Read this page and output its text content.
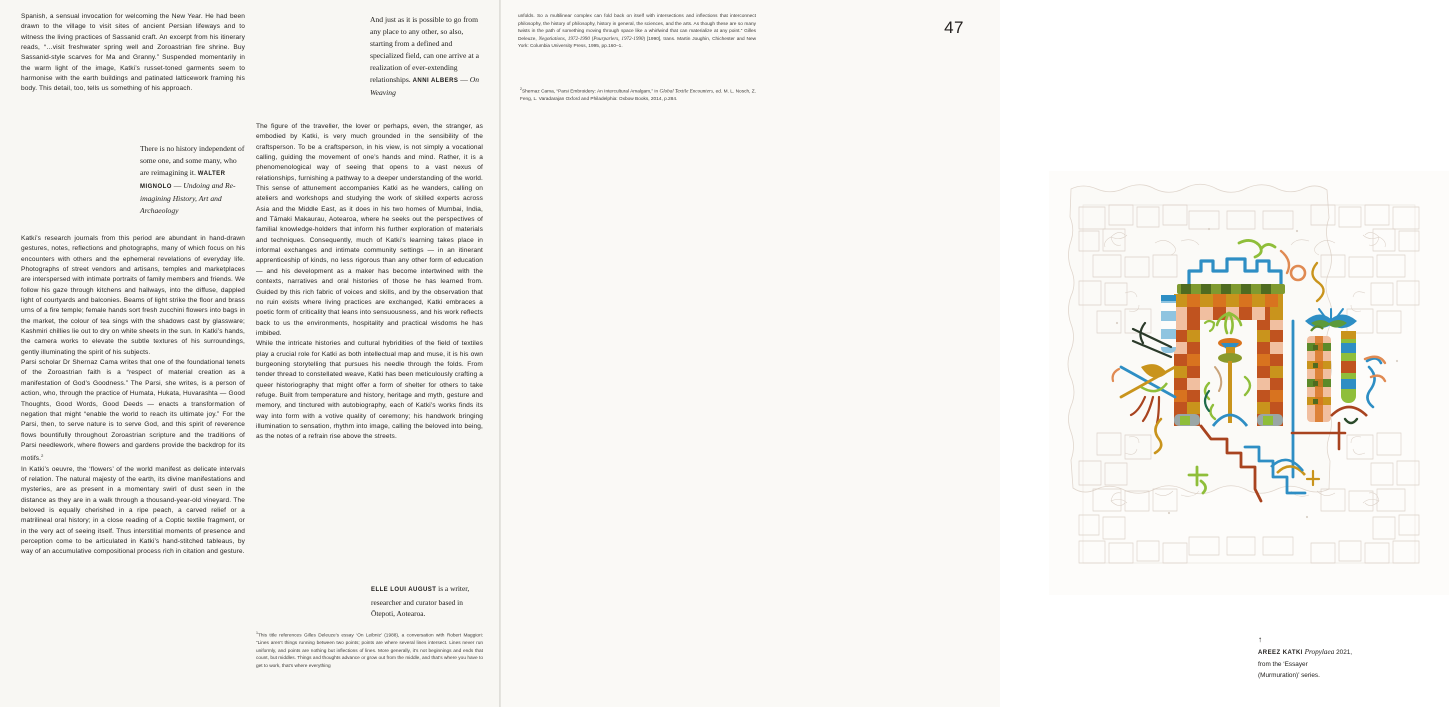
Spanish, a sensual invocation for welcoming the New Year. He had been drawn to the village to visit sites of ancient Persian lifeways and to witness the living practices of Sassanid craft. An excerpt from his itinerary reads, “…visit freshwater spring well and Zoroastrian fire shrine. Buy Sassanid-style scarves for Ma and Granny.” Suspended momentarily in the warm light of the image, Katki’s russet-toned garments seem to harmonise with the earth buildings and patinated latticework framing his body. This detail, too, tells us something of his approach.

There is no history independent of some one, and some many, who are reimagining it. WALTER MIGNOLO — Undoing and Re-imagining History, Art and Archaeology

Katki’s research journals from this period are abundant in hand-drawn gestures, notes, reflections and photographs, many of which focus on his encounters with others and the ephemeral revelations of everyday life. Photographs of street vendors and artisans, temples and marketplaces are interspersed with intimate portraits of family members and friends. We follow his gaze through kitchens and hallways, into the diffuse, dappled light of courtyards and balconies. Beams of light strike the floor and brass urns of a fire temple; female hands sort fresh zucchini flowers into bags in the market, the colour of tea sings with the shadows cast by glassware; Kashmiri chillies lie out to dry on white sheets in the sun. In Katki’s hands, the camera works to elevate the subtle textures of his surroundings, gently illuminating the spirit of his subjects.

Parsi scholar Dr Shernaz Cama writes that one of the foundational tenets of the Zoroastrian faith is a “respect of material creation as a manifestation of God’s Goodness.” The Parsi, she writes, is a person of action, who, through the practice of Humata, Hukata, Huvarashta — Good Thoughts, Good Words, Good Deeds — enacts a transformation of negation that might “enable the world to reach its ultimate joy.” For the Parsi, then, to serve nature is to serve God, and this spirit of reverence flows bountifully throughout Zoroastrian scripture and the traditions of Parsi needlework, where flowers and gardens provide the backdrop for its motifs.$^2$

In Katki’s oeuvre, the ‘flowers’ of the world manifest as delicate intervals of relation. The natural majesty of the earth, its divine manifestations and mysteries, are as present in a momentary swirl of dust seen in the distance as they are in a walk through a thousand-year-old vineyard. The beloved is equally cherished in a ripe peach, a carved relief or a matrilineal oral history; in a close reading of a Coptic textile fragment, or in the very act of seeing itself. Thus interstitial moments of presence and perception come to be articulated in Katki’s hand-stitched tableaus, by way of an accumulative compositional process rich in citation and gesture.

And just as it is possible to go from any place to any other, so also, starting from a defined and specialized field, can one arrive at a realization of ever-extending relationships. ANNI ALBERS — On Weaving

The figure of the traveller, the lover or perhaps, even, the stranger, as embodied by Katki, is very much grounded in the sensibility of the craftsperson. To be a craftsperson, in his view, is not simply a vocational calling, guiding the movement of one’s hands and mind. Rather, it is a phenomenological way of seeing that opens to a vast nexus of relationships, furnishing a pathway to a deeper understanding of the world. This sense of attunement accompanies Katki as he wanders, calling on ateliers and workshops and studying the work of skilled experts across Asia and the Middle East, as it does in his two homes of Mumbai, India, and Tāmaki Makaurau, Aotearoa, where he seeks out the perspectives of familial knowledge-holders that inform his further exploration of materials and techniques. Consequently, much of Katki’s learning takes place in informal exchanges and intimate community settings — in an itinerant apprenticeship of kinds, no less rigorous than any other form of education — and his development as a maker has become intertwined with the contexts, narratives and oral histories of those he has learned from. Guided by this rich fabric of voices and skills, and by the observation that no ruin exists where living practices are exchanged, Katki embraces a poetic form of criticality that leans into sensuousness, and his work reflects back to us the environments, hospitality and practical wisdoms he has imbibed.

While the intricate histories and cultural hybridities of the field of textiles play a crucial role for Katki as both intellectual map and muse, it is his own burgeoning storytelling that pursues his needle through the folds. From tender thread to constellated weave, Katki has been meticulously crafting a queer historiography that might offer a form of shelter for others to take refuge. Built from temperature and history, heritage and myth, gesture and memory, and tinctured with autobiography, each of Katki’s works finds its way into form with a votive quality of ceremony; his handwork bringing illumination to sensation, rhythm into image, calling the beloved into being, as the notes of a refrain rise above the streets.

ELLE LOUI AUGUST is a writer, researcher and curator based in Ōtepoti, Aotearoa.
$^1$This title references Gilles Deleuze’s essay ‘On Leibniz’ (1988), a conversation with Robert Maggiori: “Lines aren’t things running between two points; points are where several lines intersect. Lines never run uniformly, and points are nothing but inflections of lines. More generally, it’s not beginnings and ends that count, but middles. Things and thoughts advance or grow out from the middle, and that’s where you have to get to work, that’s where everything
47
unfolds. So a multilinear complex can fold back on itself with intersections and inflections that interconnect philosophy, the history of philosophy, history in general, the sciences, and the arts. As though these are so many twists in the path of something moving through space like a whirlwind that can materialize at any point.” Gilles Deleuze, Negotiations, 1972-1990 (Pourparlers, 1972-1990) [1990], trans. Martin Joughin, Chichester and New York: Columbia University Press, 1995, pp.160–1.
$^2$Shernaz Cama, “Parsi Embroidery: An Intercultural Amalgam,” in Global Textile Encounters, ed. M. L. Nosch, Z. Feng, L. Varadarajan Oxford and Philadelphia: Oxbow Books, 2014, p.284.
↑
AREEZ KATKI Propylaea 2021,
from the ‘Essayer
(Murmuration)’ series.
